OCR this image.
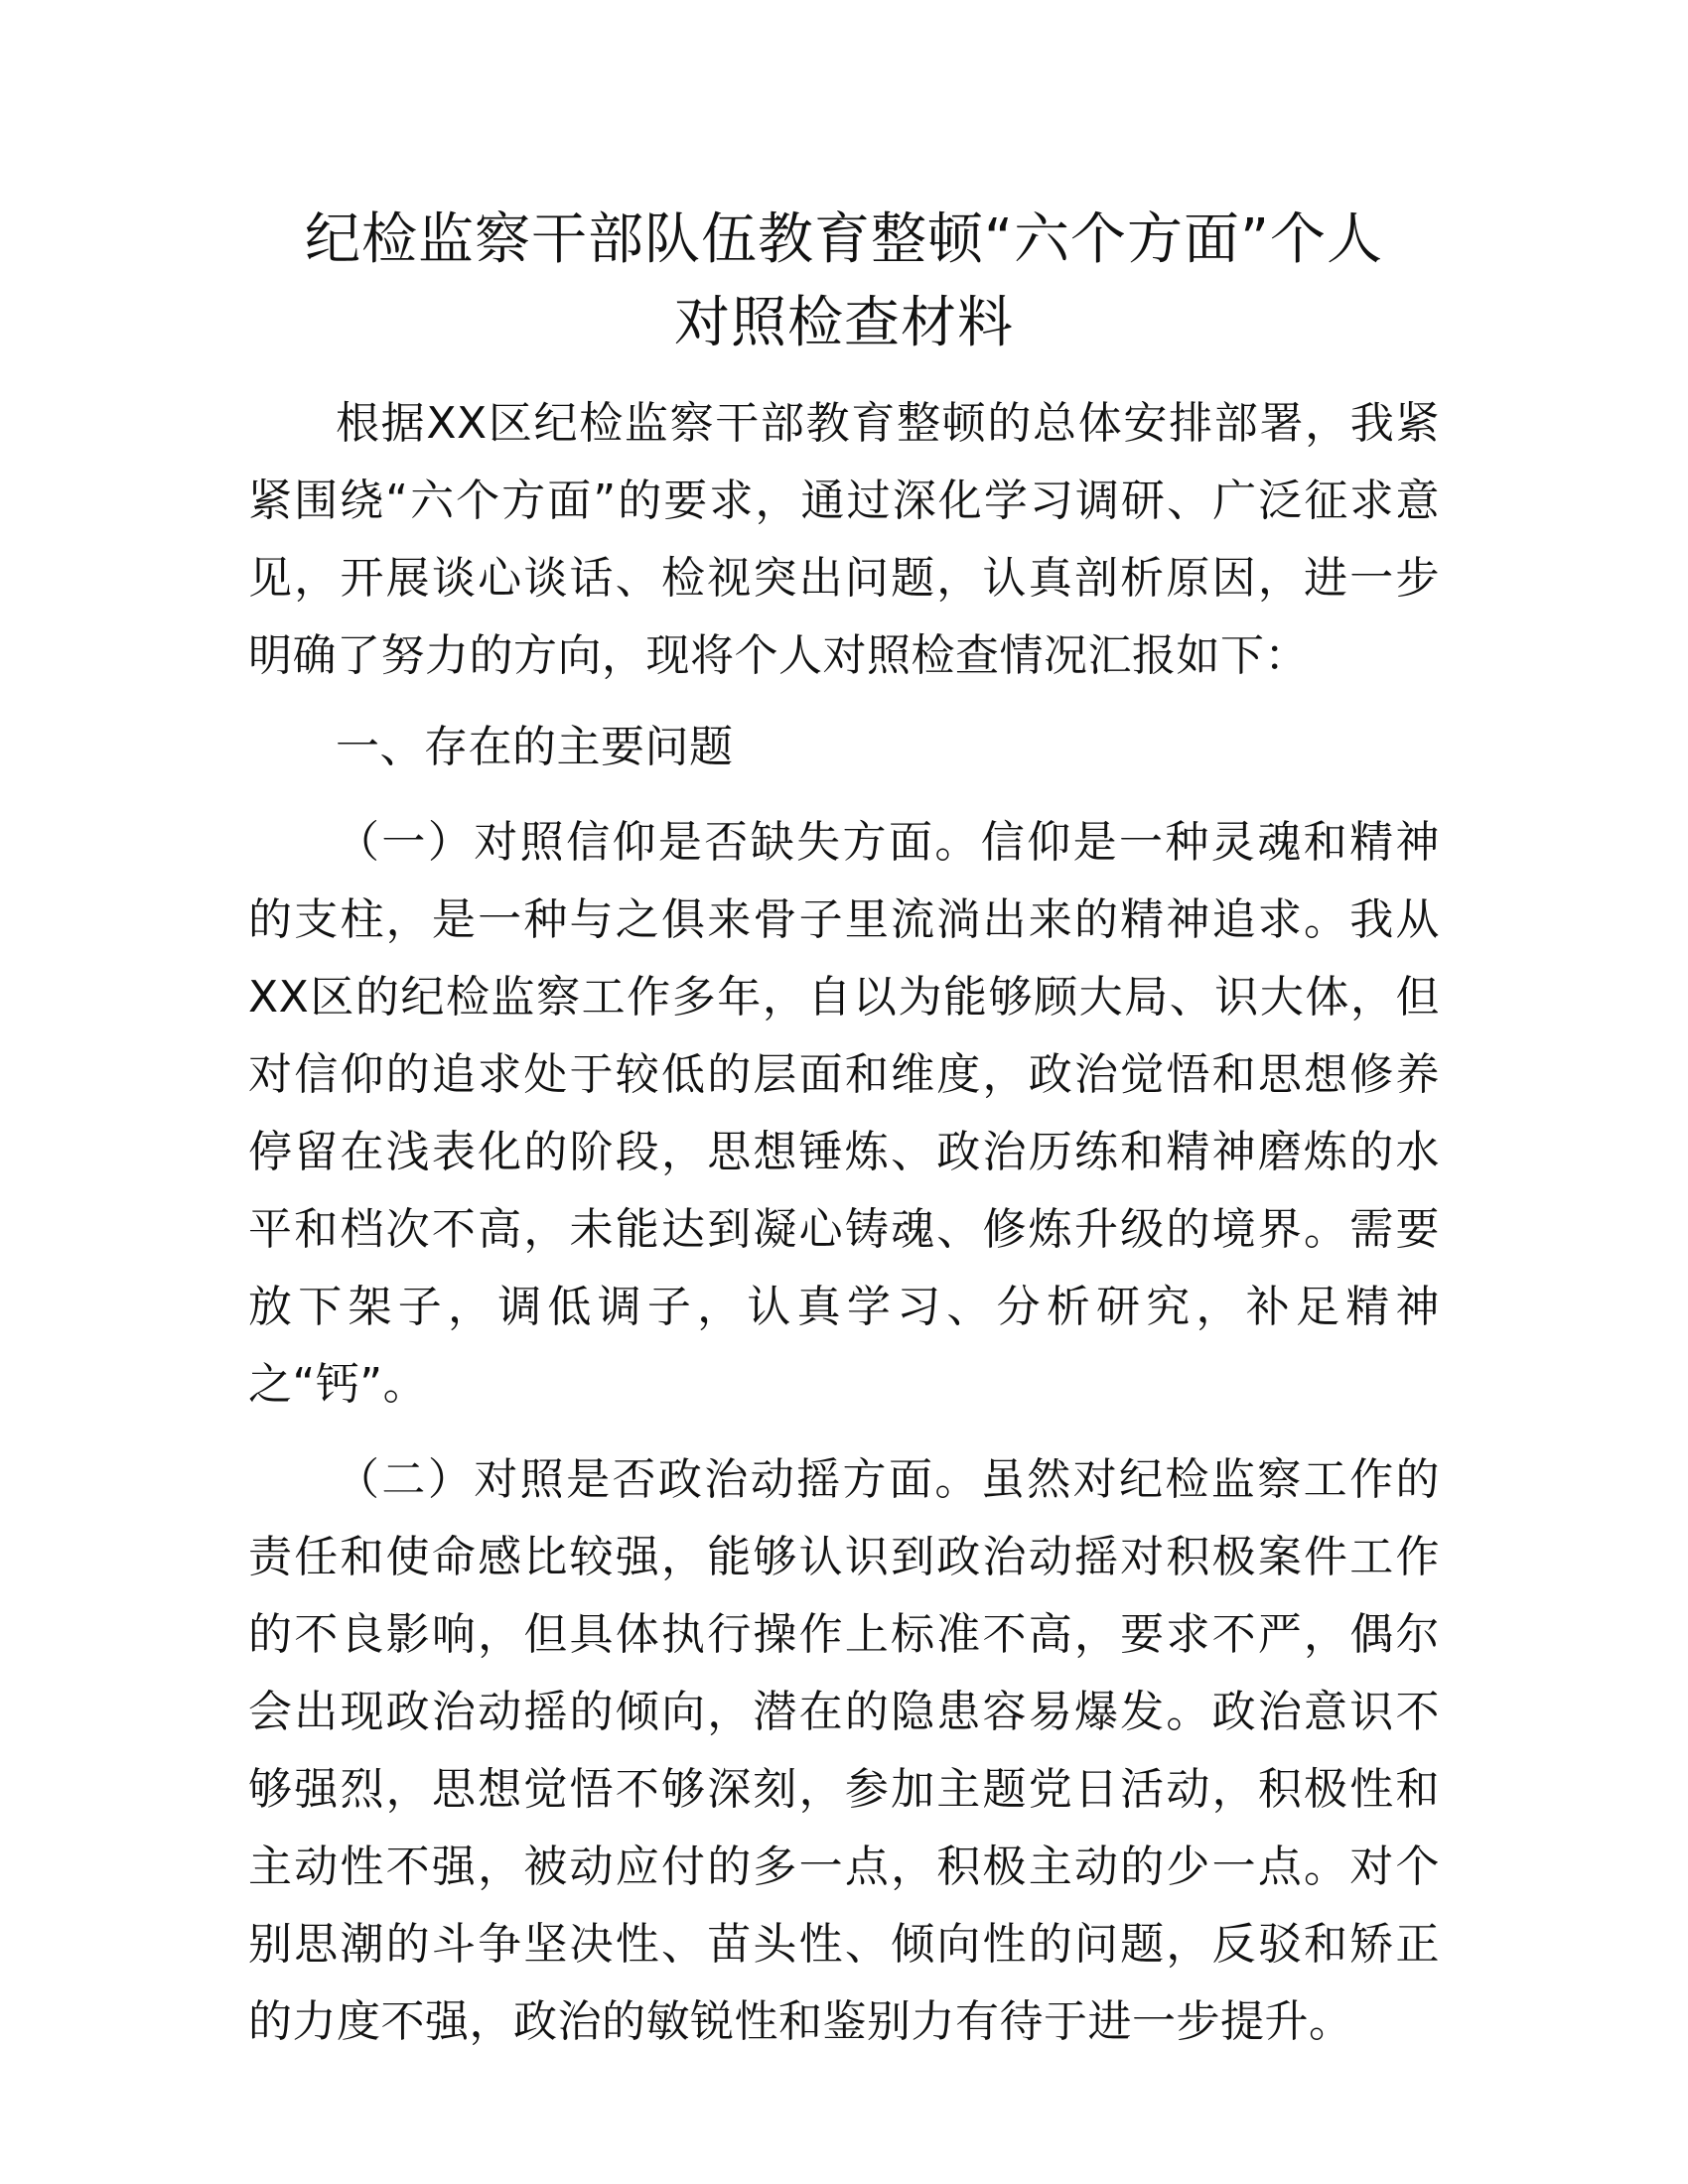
纪检监察干部队伍教育整顿“六个方面”个人
对照检查材料

根据XX区纪检监察干部教育整顿的总体安排部署，我紧紧围绕“六个方面”的要求，通过深化学习调研、广泛征求意见，开展谈心谈话、检视突出问题，认真剖析原因，进一步明确了努力的方向，现将个人对照检查情况汇报如下：

一、存在的主要问题

（一）对照信仰是否缺失方面。信仰是一种灵魂和精神的支柱，是一种与之俱来骨子里流淌出来的精神追求。我从XX区的纪检监察工作多年，自以为能够顾大局、识大体，但对信仰的追求处于较低的层面和维度，政治觉悟和思想修养停留在浅表化的阶段，思想锤炼、政治历练和精神磨炼的水平和档次不高，未能达到凝心铸魂、修炼升级的境界。需要放下架子，调低调子，认真学习、分析研究，补足精神之“钙”。

（二）对照是否政治动摇方面。虽然对纪检监察工作的责任和使命感比较强，能够认识到政治动摇对积极案件工作的不良影响，但具体执行操作上标准不高，要求不严，偶尔会出现政治动摇的倾向，潜在的隐患容易爆发。政治意识不够强烈，思想觉悟不够深刻，参加主题党日活动，积极性和主动性不强，被动应付的多一点，积极主动的少一点。对个别思潮的斗争坚决性、苗头性、倾向性的问题，反驳和矫正的力度不强，政治的敏锐性和鉴别力有待于进一步提升。
